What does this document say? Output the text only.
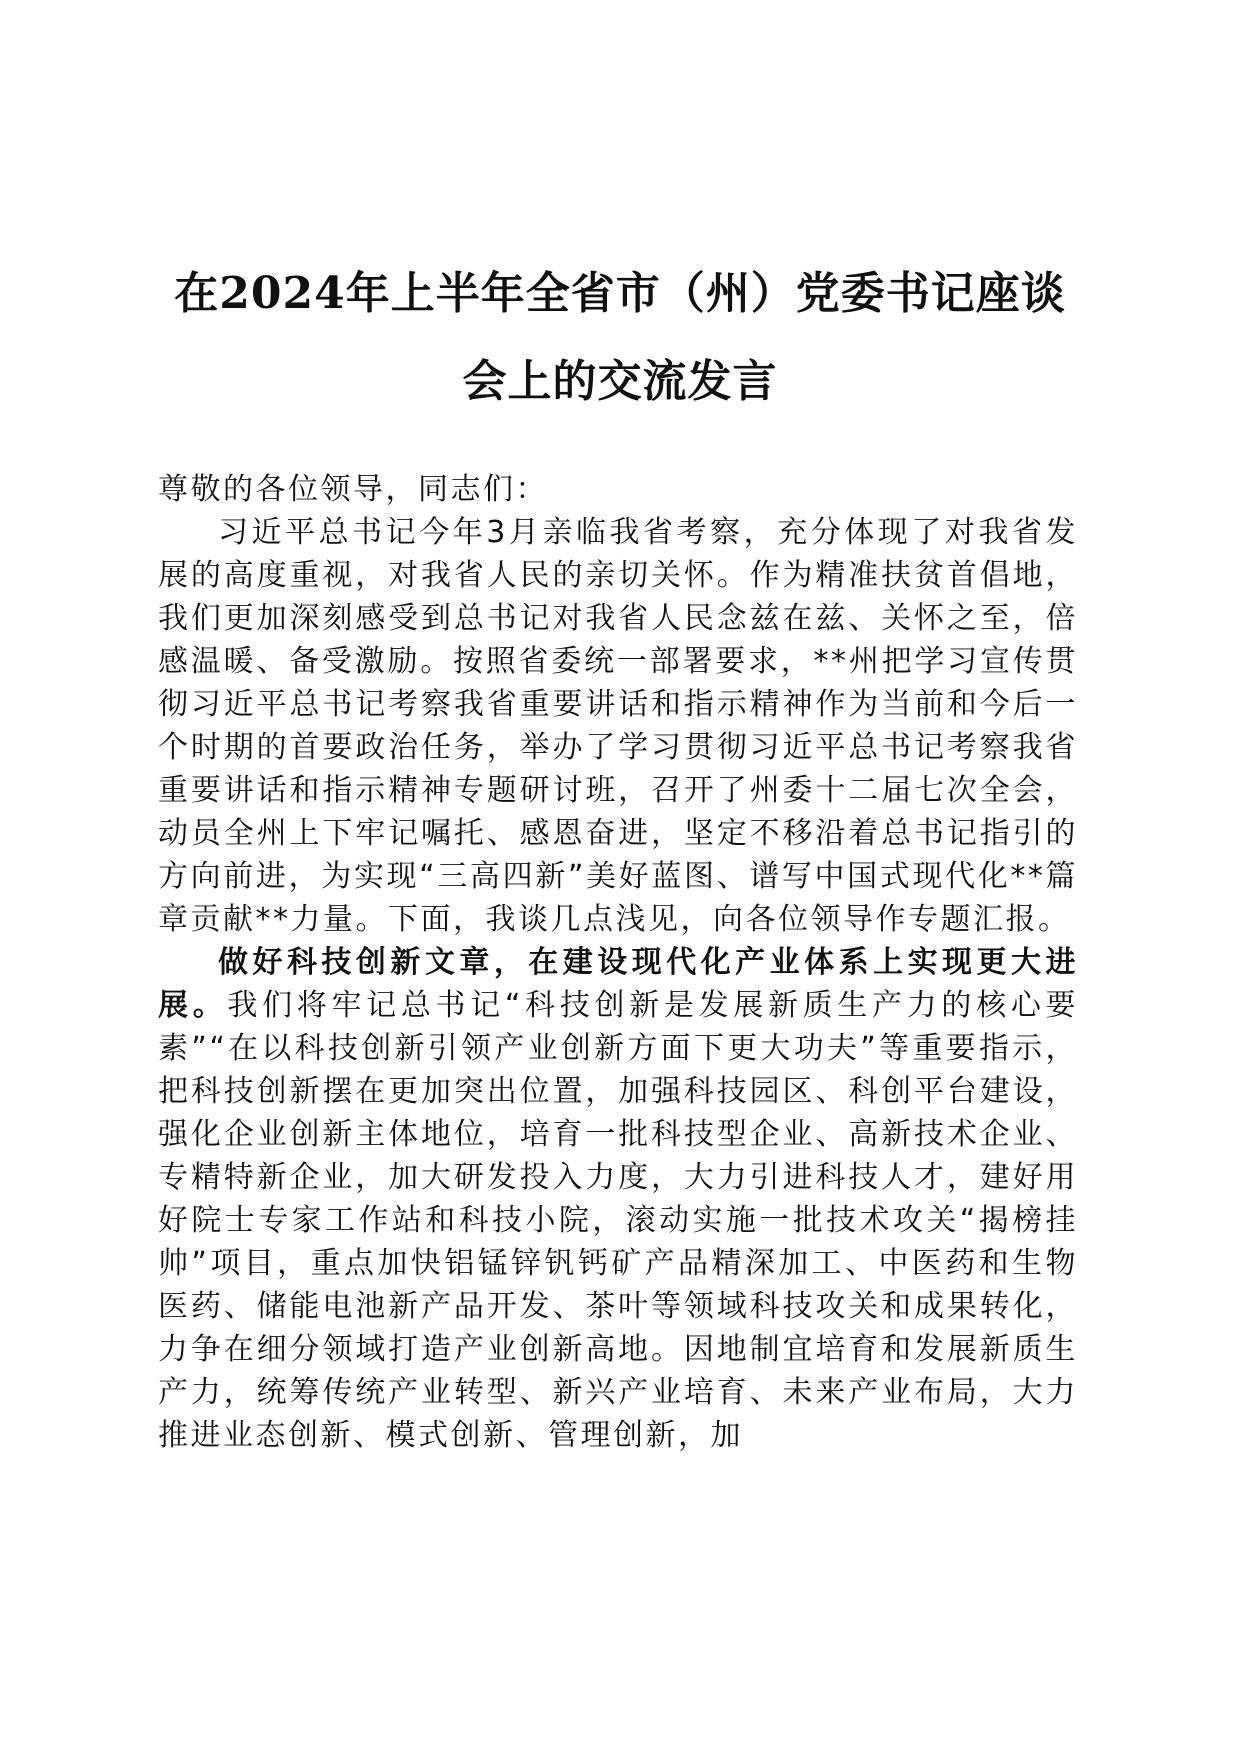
在2024年上半年全省市（州）党委书记座谈
会上的交流发言

尊敬的各位领导，同志们：

习近平总书记今年3月亲临我省考察，充分体现了对我省发展的高度重视，对我省人民的亲切关怀。作为精准扶贫首倡地，我们更加深刻感受到总书记对我省人民念兹在兹、关怀之至，倍感温暖、备受激励。按照省委统一部署要求，**州把学习宣传贯彻习近平总书记考察我省重要讲话和指示精神作为当前和今后一个时期的首要政治任务，举办了学习贯彻习近平总书记考察我省重要讲话和指示精神专题研讨班，召开了州委十二届七次全会，动员全州上下牢记嘱托、感恩奋进，坚定不移沿着总书记指引的方向前进，为实现“三高四新”美好蓝图、谱写中国式现代化**篇章贡献**力量。下面，我谈几点浅见，向各位领导作专题汇报。

做好科技创新文章，在建设现代化产业体系上实现更大进展。我们将牢记总书记“科技创新是发展新质生产力的核心要素”“在以科技创新引领产业创新方面下更大功夫”等重要指示，把科技创新摆在更加突出位置，加强科技园区、科创平台建设，强化企业创新主体地位，培育一批科技型企业、高新技术企业、专精特新企业，加大研发投入力度，大力引进科技人才，建好用好院士专家工作站和科技小院，滚动实施一批技术攻关“揭榜挂帅”项目，重点加快铝锰锌钒钙矿产品精深加工、中医药和生物医药、储能电池新产品开发、茶叶等领域科技攻关和成果转化，力争在细分领域打造产业创新高地。因地制宜培育和发展新质生产力，统筹传统产业转型、新兴产业培育、未来产业布局，大力推进业态创新、模式创新、管理创新，加
